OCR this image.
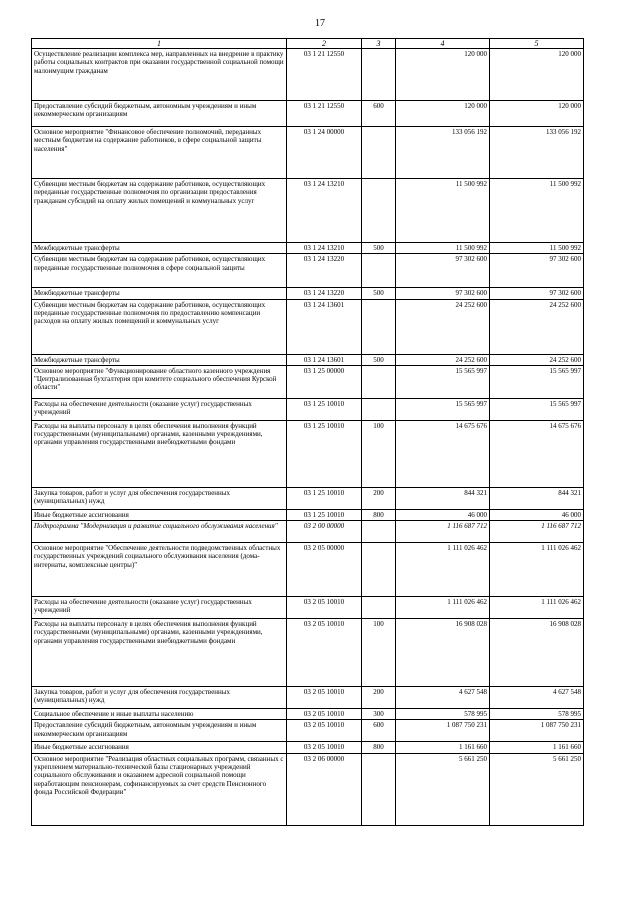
17
1	2	3	4	5
Осуществление реализации комплекса мер, направленных на внедрение в практику работы социальных контрактов при оказании государственной социальной помощи малоимущим гражданам	03 1 21 12550		120 000	120 000
Предоставление субсидий бюджетным, автономным учреждениям и иным некоммерческим организациям	03 1 21 12550	600	120 000	120 000
Основное мероприятие "Финансовое обеспечение полномочий, переданных местным бюджетам на содержание работников, в сфере социальной защиты населения"	03 1 24 00000		133 056 192	133 056 192
Субвенции местным бюджетам на содержание работников, осуществляющих переданные государственные полномочия по организации предоставления гражданам субсидий на оплату жилых помещений и коммунальных услуг	03 1 24 13210		11 500 992	11 500 992
Межбюджетные трансферты	03 1 24 13210	500	11 500 992	11 500 992
Субвенции местным бюджетам на содержание работников, осуществляющих переданные государственные полномочия в сфере социальной защиты	03 1 24 13220		97 302 600	97 302 600
Межбюджетные трансферты	03 1 24 13220	500	97 302 600	97 302 600
Субвенции местным бюджетам на содержание работников, осуществляющих переданные государственные полномочия по предоставлению компенсации расходов на оплату жилых помещений и коммунальных услуг	03 1 24 13601		24 252 600	24 252 600
Межбюджетные трансферты	03 1 24 13601	500	24 252 600	24 252 600
Основное мероприятие "Функционирование областного казенного учреждения "Централизованная бухгалтерия при комитете социального обеспечения Курской области"	03 1 25 00000		15 565 997	15 565 997
Расходы на обеспечение деятельности (оказание услуг) государственных учреждений	03 1 25 10010		15 565 997	15 565 997
Расходы на выплаты персоналу в целях обеспечения выполнения функций государственными (муниципальными) органами, казенными учреждениями, органами управления государственными внебюджетными фондами	03 1 25 10010	100	14 675 676	14 675 676
Закупка товаров, работ и услуг для обеспечения государственных (муниципальных) нужд	03 1 25 10010	200	844 321	844 321
Иные бюджетные ассигнования	03 1 25 10010	800	46 000	46 000
Подпрограмма "Модернизация и развитие социального обслуживания населения"	03 2 00 00000		1 116 687 712	1 116 687 712
Основное мероприятие "Обеспечение деятельности подведомственных областных государственных учреждений социального обслуживания населения (дома-интернаты, комплексные центры)"	03 2 05 00000		1 111 026 462	1 111 026 462
Расходы на обеспечение деятельности (оказание услуг) государственных учреждений	03 2 05 10010		1 111 026 462	1 111 026 462
Расходы на выплаты персоналу в целях обеспечения выполнения функций государственными (муниципальными) органами, казенными учреждениями, органами управления государственными внебюджетными фондами	03 2 05 10010	100	16 908 028	16 908 028
Закупка товаров, работ и услуг для обеспечения государственных (муниципальных) нужд	03 2 05 10010	200	4 627 548	4 627 548
Социальное обеспечение и иные выплаты населению	03 2 05 10010	300	578 995	578 995
Предоставление субсидий бюджетным, автономным учреждениям и иным некоммерческим организациям	03 2 05 10010	600	1 087 750 231	1 087 750 231
Иные бюджетные ассигнования	03 2 05 10010	800	1 161 660	1 161 660
Основное мероприятие "Реализация областных социальных программ, связанных с укреплением материально-технической базы стационарных учреждений социального обслуживания и оказанием адресной социальной помощи неработающим пенсионерам, софинансируемых за счет средств Пенсионного фонда Российской Федерации"	03 2 06 00000		5 661 250	5 661 250
